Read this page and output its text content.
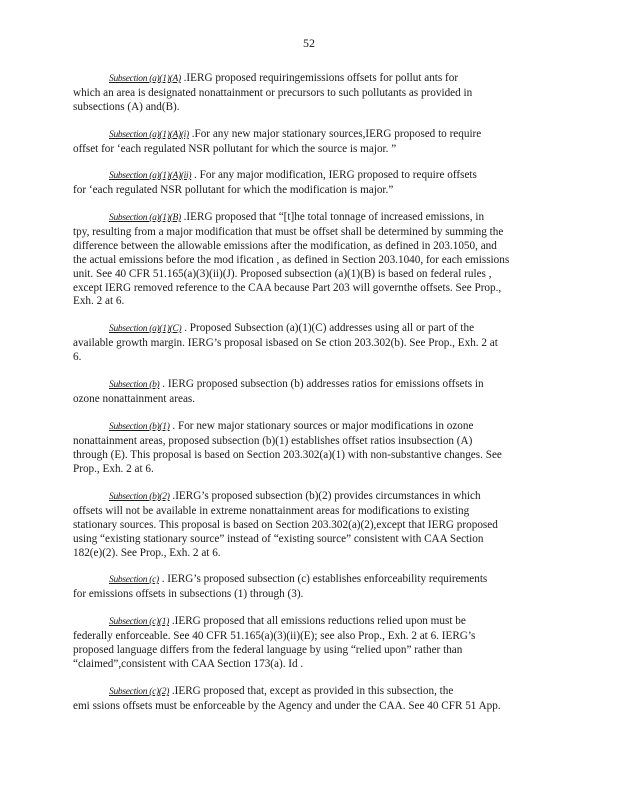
52

Subsection (a)(1)(A) .IERG proposed requiringemissions offsets for pollut ants for
which an area is designated nonattainment or precursors to such pollutants as provided in
subsections (A) and(B).

Subsection (a)(1)(A)(i) .For any new major stationary sources,IERG proposed to require
offset for ‘each regulated NSR pollutant for which the source is major. ”

Subsection (a)(1)(A)(ii) . For any major modification, IERG proposed to require offsets
for ‘each regulated NSR pollutant for which the modification is major.”

Subsection (a)(1)(B) .IERG proposed that “[t]he total tonnage of increased emissions, in
tpy, resulting from a major modification that must be offset shall be determined by summing the
difference between the allowable emissions after the modification, as defined in 203.1050, and
the actual emissions before the mod ification , as defined in Section 203.1040, for each emissions
unit. See 40 CFR 51.165(a)(3)(ii)(J). Proposed subsection (a)(1)(B) is based on federal rules ,
except IERG removed reference to the CAA because Part 203 will governthe offsets. See Prop.,
Exh. 2 at 6.

Subsection (a)(1)(C) . Proposed Subsection (a)(1)(C) addresses using all or part of the
available growth margin. IERG’s proposal isbased on Se ction 203.302(b). See Prop., Exh. 2 at
6.

Subsection (b) . IERG proposed subsection (b) addresses ratios for emissions offsets in
ozone nonattainment areas.

Subsection (b)(1) . For new major stationary sources or major modifications in ozone
nonattainment areas, proposed subsection (b)(1) establishes offset ratios insubsection (A)
through (E). This proposal is based on Section 203.302(a)(1) with non-substantive changes. See
Prop., Exh. 2 at 6.

Subsection (b)(2) .IERG’s proposed subsection (b)(2) provides circumstances in which
offsets will not be available in extreme nonattainment areas for modifications to existing
stationary sources. This proposal is based on Section 203.302(a)(2),except that IERG proposed
using “existing stationary source” instead of “existing source” consistent with CAA Section
182(e)(2). See Prop., Exh. 2 at 6.

Subsection (c) . IERG’s proposed subsection (c) establishes enforceability requirements
for emissions offsets in subsections (1) through (3).

Subsection (c)(1) .IERG proposed that all emissions reductions relied upon must be
federally enforceable. See 40 CFR 51.165(a)(3)(ii)(E); see also Prop., Exh. 2 at 6. IERG’s
proposed language differs from the federal language by using “relied upon” rather than
“claimed”,consistent with CAA Section 173(a). Id .

Subsection (c)(2) .IERG proposed that, except as provided in this subsection, the
emi ssions offsets must be enforceable by the Agency and under the CAA. See 40 CFR 51 App.
